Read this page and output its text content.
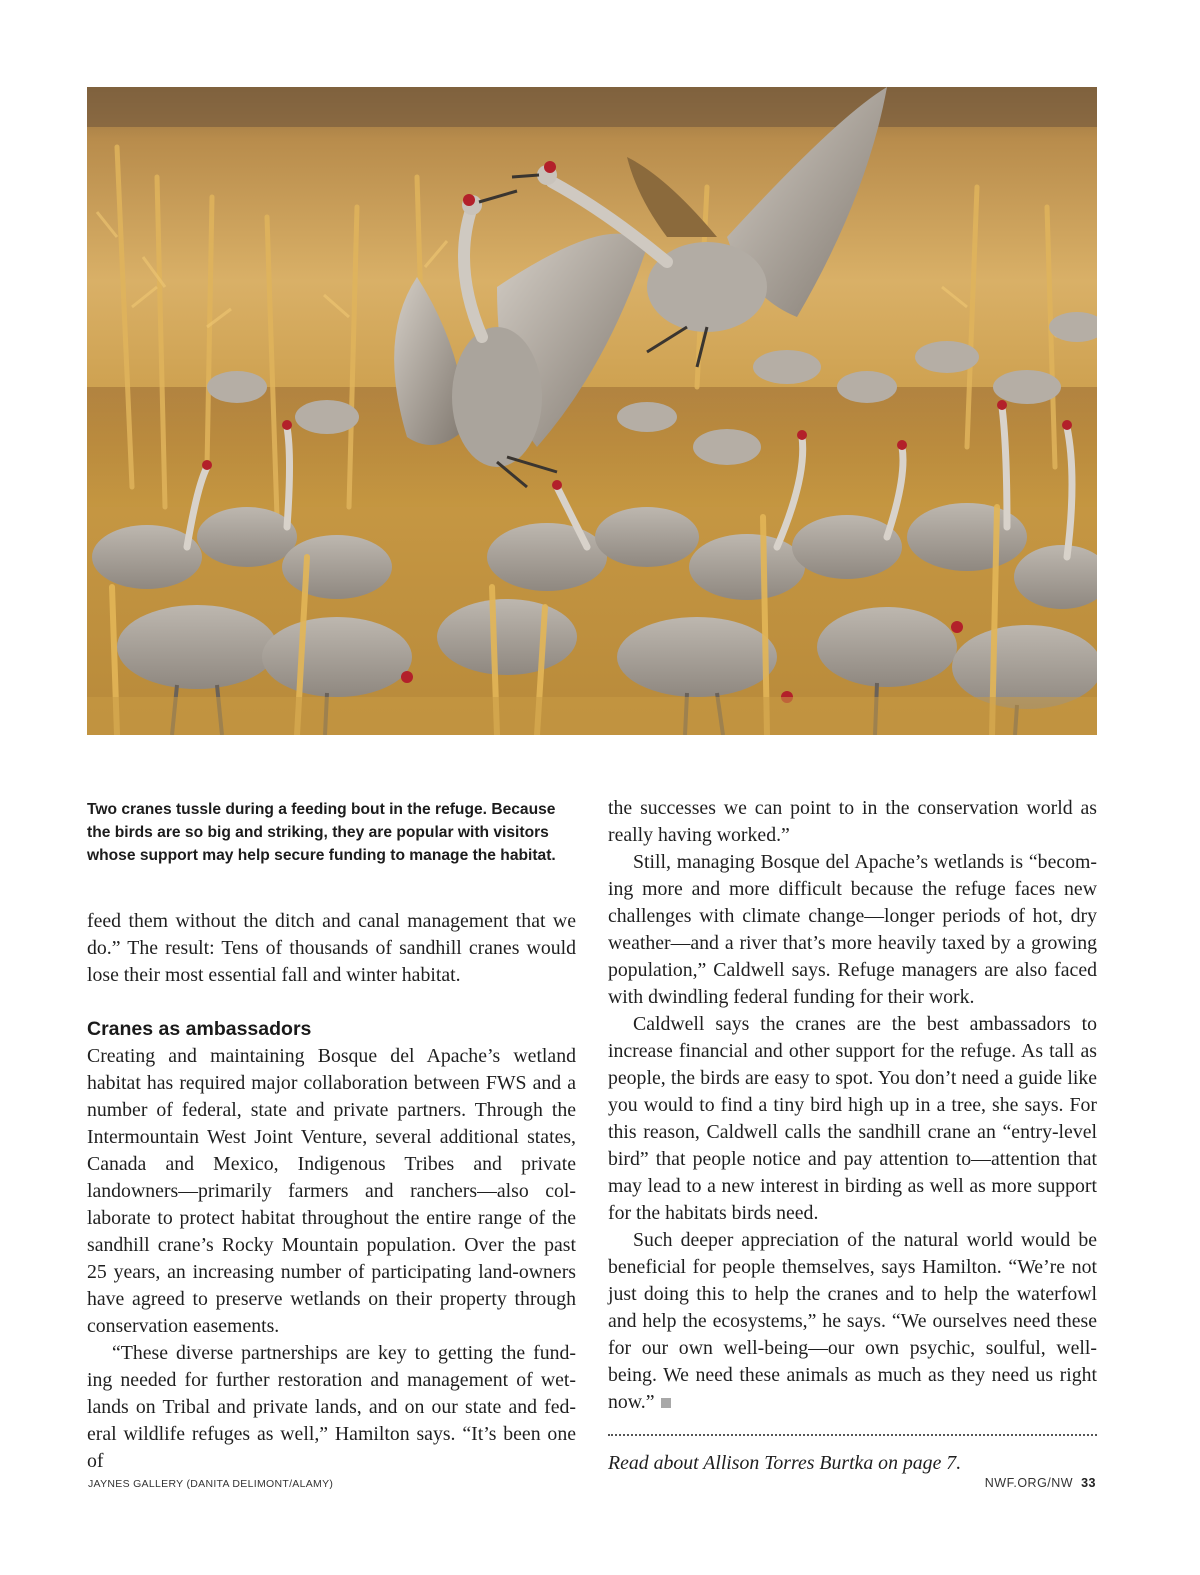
Two cranes tussle during a feeding bout in the refuge. Because
the birds are so big and striking, they are popular with visitors
whose support may help secure funding to manage the habitat.

feed them without the ditch and canal management that we do.” The result: Tens of thousands of sandhill cranes would lose their most essential fall and winter habitat.

Cranes as ambassadors

Creating and maintaining Bosque del Apache’s wetland habitat has required major collaboration between FWS and a number of federal, state and private partners. Through the Intermountain West Joint Venture, several additional states, Canada and Mexico, Indigenous Tribes and private landowners—primarily farmers and ranchers—also col-laborate to protect habitat throughout the entire range of the sandhill crane’s Rocky Mountain population. Over the past 25 years, an increasing number of participating land-owners have agreed to preserve wetlands on their property through conservation easements.

“These diverse partnerships are key to getting the fund-ing needed for further restoration and management of wet-lands on Tribal and private lands, and on our state and fed-eral wildlife refuges as well,” Hamilton says. “It’s been one of

the successes we can point to in the conservation world as really having worked.”

Still, managing Bosque del Apache’s wetlands is “becom-ing more and more difficult because the refuge faces new challenges with climate change—longer periods of hot, dry weather—and a river that’s more heavily taxed by a growing population,” Caldwell says. Refuge managers are also faced with dwindling federal funding for their work.

Caldwell says the cranes are the best ambassadors to increase financial and other support for the refuge. As tall as people, the birds are easy to spot. You don’t need a guide like you would to find a tiny bird high up in a tree, she says. For this reason, Caldwell calls the sandhill crane an “entry-level bird” that people notice and pay attention to—attention that may lead to a new interest in birding as well as more support for the habitats birds need.

Such deeper appreciation of the natural world would be beneficial for people themselves, says Hamilton. “We’re not just doing this to help the cranes and to help the waterfowl and help the ecosystems,” he says. “We ourselves need these for our own well-being—our own psychic, soulful, well-being. We need these animals as much as they need us right now.”

Read about Allison Torres Burtka on page 7.
JAYNES GALLERY (DANITA DELIMONT/ALAMY)	NWF.ORG/NW 33
